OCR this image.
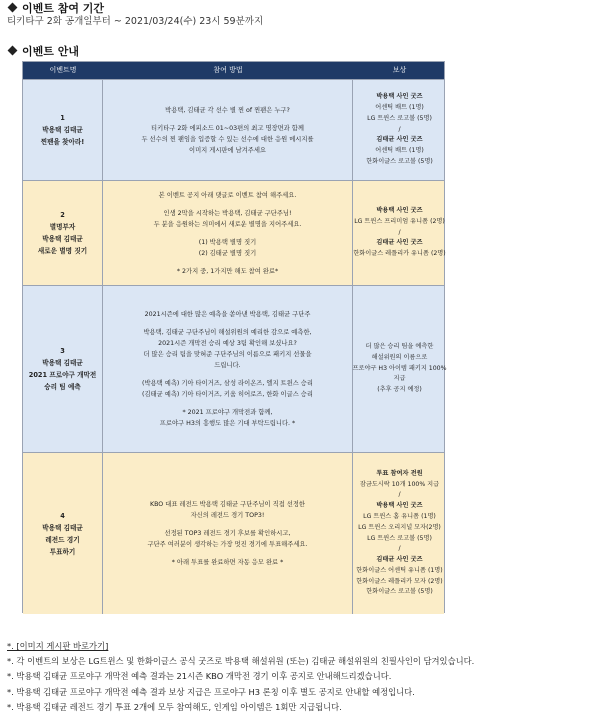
이벤트 참여 기간
티키타구 2화 공개일부터 ~ 2021/03/24(수) 23시 59분까지
이벤트 안내
이벤트명	참여 방법	보상
1
박용택 김태균
찐팬을 찾아라!
박용택, 김태균 각 선수 별 찐 of 찐팬은 누구?
티키타구 2화 에피소드 01~03편의 최고 명장면과 함께
두 선수의 찐 팬임을 입증할 수 있는 선수에 대한 응원 메시지를
이미지 게시판에 남겨주세요
박용택 사인 굿즈
어센틱 배트 (1명)
LG 트윈스 로고볼 (5명)
/
김태균 사인 굿즈
어센틱 배트 (1명)
한화이글스 로고볼 (5명)
2
별명부자
박용택 김태균
새로운 별명 짓기
본 이벤트 공지 아래 댓글로 이벤트 참여 해주세요.
인생 2막을 시작하는 박용택, 김태균 구단주님!
두 분을 응원하는 의미에서 새로운 별명을 지어주세요.
(1) 박용택 별명 짓기
(2) 김태균 별명 짓기
* 2가지 중, 1가지만 해도 참여 완료*
박용택 사인 굿즈
LG 트윈스 프리미엄 유니폼 (2명)
/
김태균 사인 굿즈
한화이글스 레플리카 유니폼 (2명)
3
박용택 김태균
2021 프로야구 개막전
승리 팀 예측
2021시즌에 대한 많은 예측을 쏟아낸 박용택, 김태균 구단주
박용택, 김태균 구단주님이 해설위원의 예리한 감으로 예측한,
2021시즌 개막전 승리 예상 3팀 확인해 보셨나요?
더 많은 승리 팀을 맞혀준 구단주님의 이름으로 패키지 선물을
드립니다.
(박용택 예측) 기아 타이거즈, 삼성 라이온즈, 엘지 트윈스 승리
(김태균 예측) 기아 타이거즈, 키움 히어로즈, 한화 이글스 승리
* 2021 프로야구 개막전과 함께,
프로야구 H3의 흥행도 많은 기대 부탁드립니다. *
더 많은 승리 팀을 예측한
해설위원의 이름으로
프로야구 H3 아이템 패키지 100%
지급
(추후 공지 예정)
4
박용택 김태균
레전드 경기
투표하기
KBO 대표 레전드 박용택 김태균 구단주님이 직접 선정한
자신의 레전드 경기 TOP3!
선정된 TOP3 레전드 경기 후보를 확인하시고,
구단주 여러분이 생각하는 가장 멋진 경기에 투표해주세요.
* 아래 투표를 완료하면 자동 응모 완료 *
투표 참여자 전원
잠금도시락 10개 100% 지급
/
박용택 사인 굿즈
LG 트윈스 홈 유니폼 (1명)
LG 트윈스 오리지널 모자(2명)
LG 트윈스 로고볼 (5명)
/
김태균 사인 굿즈
한화이글스 어센틱 유니폼 (1명)
한화이글스 레플리카 모자 (2명)
한화이글스 로고볼 (5명)
*. [이미지 게시판 바로가기]
*. 각 이벤트의 보상은 LG트윈스 및 한화이글스 공식 굿즈로 박용택 해설위원 (또는) 김태균 해설위원의 친필사인이 담겨있습니다.
*. 박용택 김태균 프로야구 개막전 예측 결과는 21시즌 KBO 개막전 경기 이후 공지로 안내해드리겠습니다.
*. 박용택 김태균 프로야구 개막전 예측 결과 보상 지급은 프로야구 H3 론칭 이후 별도 공지로 안내할 예정입니다.
*. 박용택 김태균 레전드 경기 투표 2개에 모두 참여해도, 인게임 아이템은 1회만 지급됩니다.
